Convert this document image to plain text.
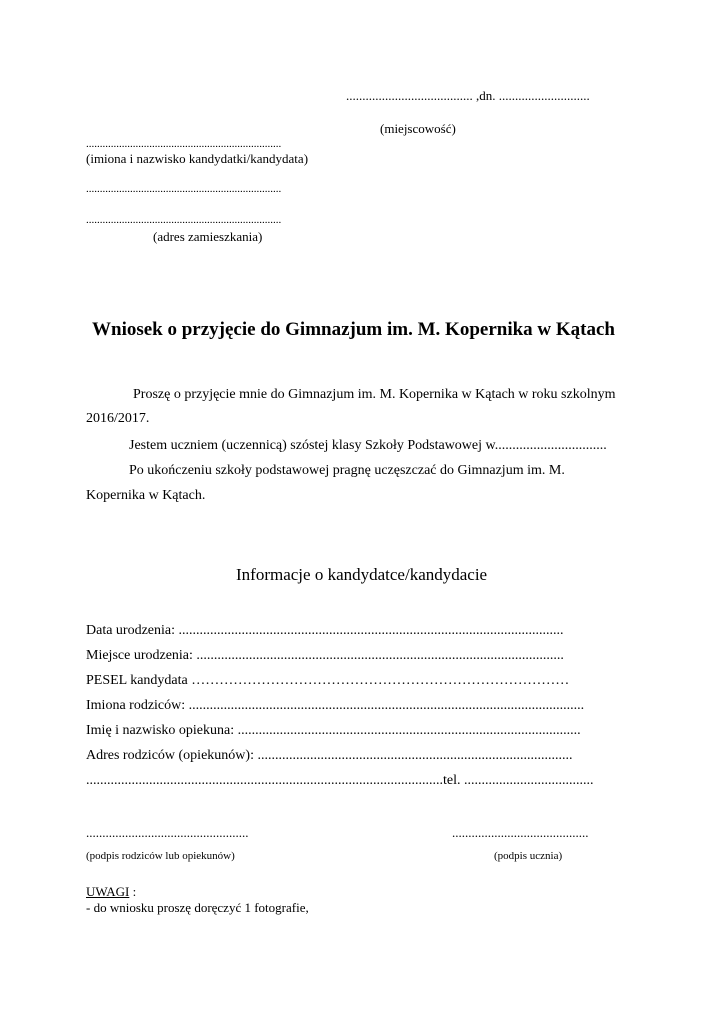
....................................... ,dn. ............................
(miejscowość)
.......................................................................
(imiona i nazwisko kandydatki/kandydata)
.......................................................................
.......................................................................
(adres zamieszkania)
Wniosek o przyjęcie do Gimnazjum im. M. Kopernika w Kątach
Proszę o przyjęcie mnie do Gimnazjum im. M. Kopernika w Kątach w roku szkolnym
2016/2017.
Jestem uczniem (uczennicą) szóstej klasy Szkoły Podstawowej w................................
Po ukończeniu szkoły podstawowej pragnę uczęszczać do Gimnazjum im. M.
Kopernika w Kątach.
Informacje o kandydatce/kandydacie
Data urodzenia: ..............................................................................................................
Miejsce urodzenia: .........................................................................................................
PESEL kandydata ………………………………………………………………………
Imiona rodziców: .................................................................................................................
Imię i nazwisko opiekuna: ..................................................................................................
Adres rodziców (opiekunów): ..........................................................................................
......................................................................................................tel. .....................................
..................................................
(podpis rodziców lub opiekunów)
..........................................
(podpis ucznia)
UWAGI :
- do wniosku proszę doręczyć 1 fotografie,
